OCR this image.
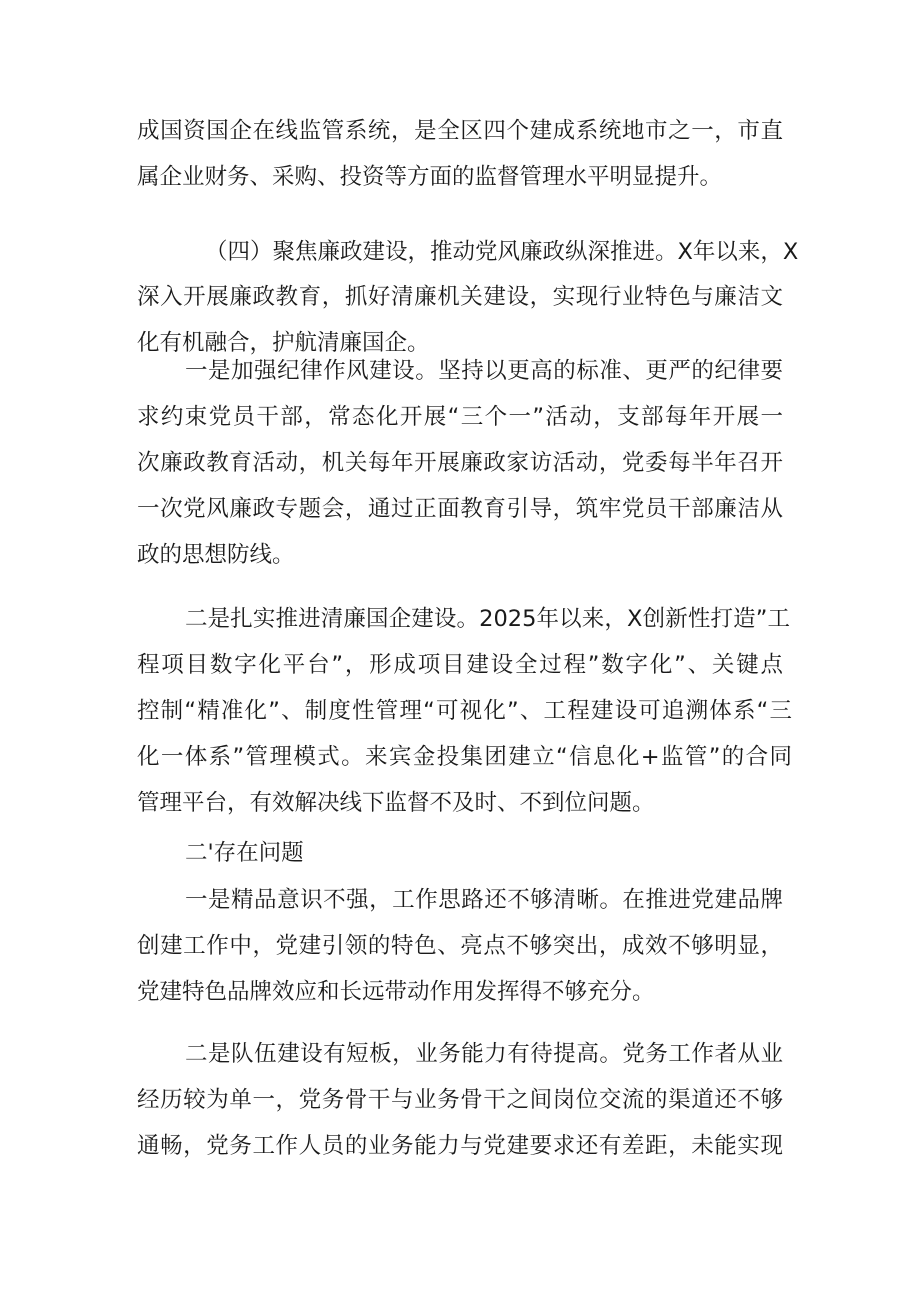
成国资国企在线监管系统，是全区四个建成系统地市之一，市直

属企业财务、采购、投资等方面的监督管理水平明显提升。

（四）聚焦廉政建设，推动党风廉政纵深推进。X年以来，X

深入开展廉政教育，抓好清廉机关建设，实现行业特色与廉洁文

化有机融合，护航清廉国企。

一是加强纪律作风建设。坚持以更高的标准、更严的纪律要

求约束党员干部，常态化开展“三个一”活动，支部每年开展一

次廉政教育活动，机关每年开展廉政家访活动，党委每半年召开

一次党风廉政专题会，通过正面教育引导，筑牢党员干部廉洁从

政的思想防线。

二是扎实推进清廉国企建设。2025年以来，X创新性打造”工

程项目数字化平台”，形成项目建设全过程”数字化”、关键点

控制“精准化”、制度性管理“可视化”、工程建设可追溯体系“三

化一体系”管理模式。来宾金投集团建立“信息化+监管”的合同

管理平台，有效解决线下监督不及时、不到位问题。

二'存在问题

一是精品意识不强，工作思路还不够清晰。在推进党建品牌

创建工作中，党建引领的特色、亮点不够突出，成效不够明显，

党建特色品牌效应和长远带动作用发挥得不够充分。

二是队伍建设有短板，业务能力有待提高。党务工作者从业

经历较为单一，党务骨干与业务骨干之间岗位交流的渠道还不够

通畅，党务工作人员的业务能力与党建要求还有差距，未能实现
